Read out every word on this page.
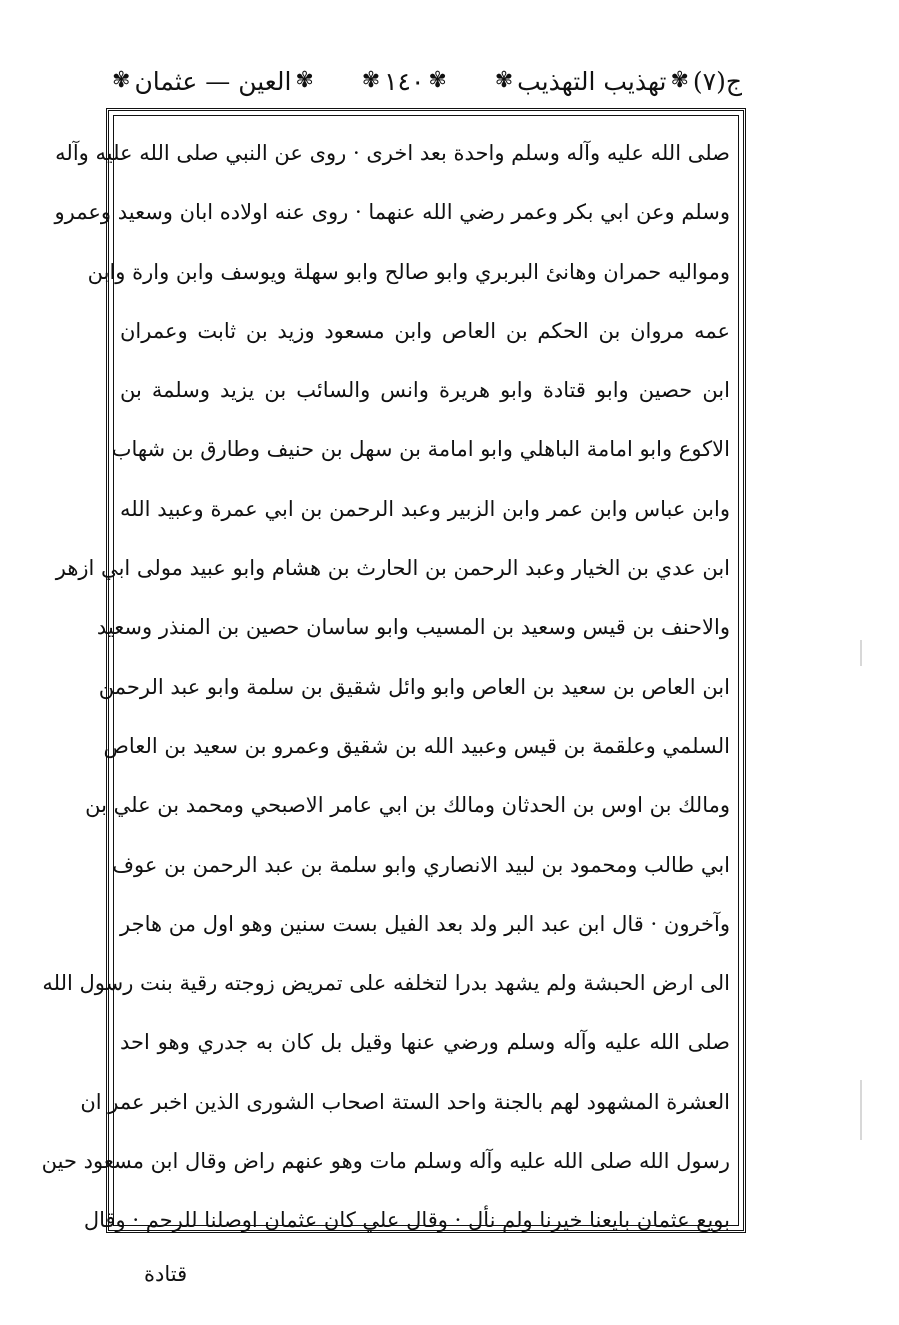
ج(٧)
✾
تهذيب التهذيب
✾
✾
١٤٠
✾
✾
العين — عثمان
✾
صلى الله عليه وآله وسلم واحدة بعد اخرى · روى عن النبي صلى الله عليه وآله
وسلم وعن ابي بكر وعمر رضي الله عنهما · روى عنه اولاده ابان وسعيد وعمرو
ومواليه حمران وهانئ البربري وابو صالح وابو سهلة ويوسف وابن وارة وابن
عمه مروان بن الحكم بن العاص وابن مسعود وزيد بن ثابت وعمران
ابن حصين وابو قتادة وابو هريرة وانس والسائب بن يزيد وسلمة بن
الاكوع وابو امامة الباهلي وابو امامة بن سهل بن حنيف وطارق بن شهاب
وابن عباس وابن عمر وابن الزبير وعبد الرحمن بن ابي عمرة وعبيد الله
ابن عدي بن الخيار وعبد الرحمن بن الحارث بن هشام وابو عبيد مولى ابي ازهر
والاحنف بن قيس وسعيد بن المسيب وابو ساسان حصين بن المنذر وسعيد
ابن العاص بن سعيد بن العاص وابو وائل شقيق بن سلمة وابو عبد الرحمن
السلمي وعلقمة بن قيس وعبيد الله بن شقيق وعمرو بن سعيد بن العاص
ومالك بن اوس بن الحدثان ومالك بن ابي عامر الاصبحي ومحمد بن علي بن
ابي طالب ومحمود بن لبيد الانصاري وابو سلمة بن عبد الرحمن بن عوف
وآخرون · قال ابن عبد البر ولد بعد الفيل بست سنين وهو اول من هاجر
الى ارض الحبشة ولم يشهد بدرا لتخلفه على تمريض زوجته رقية بنت رسول الله
صلى الله عليه وآله وسلم ورضي عنها وقيل بل كان به جدري وهو احد
العشرة المشهود لهم بالجنة واحد الستة اصحاب الشورى الذين اخبر عمر ان
رسول الله صلى الله عليه وآله وسلم مات وهو عنهم راض وقال ابن مسعود حين
بويع عثمان بايعنا خيرنا ولم نأل · وقال علي كان عثمان اوصلنا للرحم · وقال
قتادة
